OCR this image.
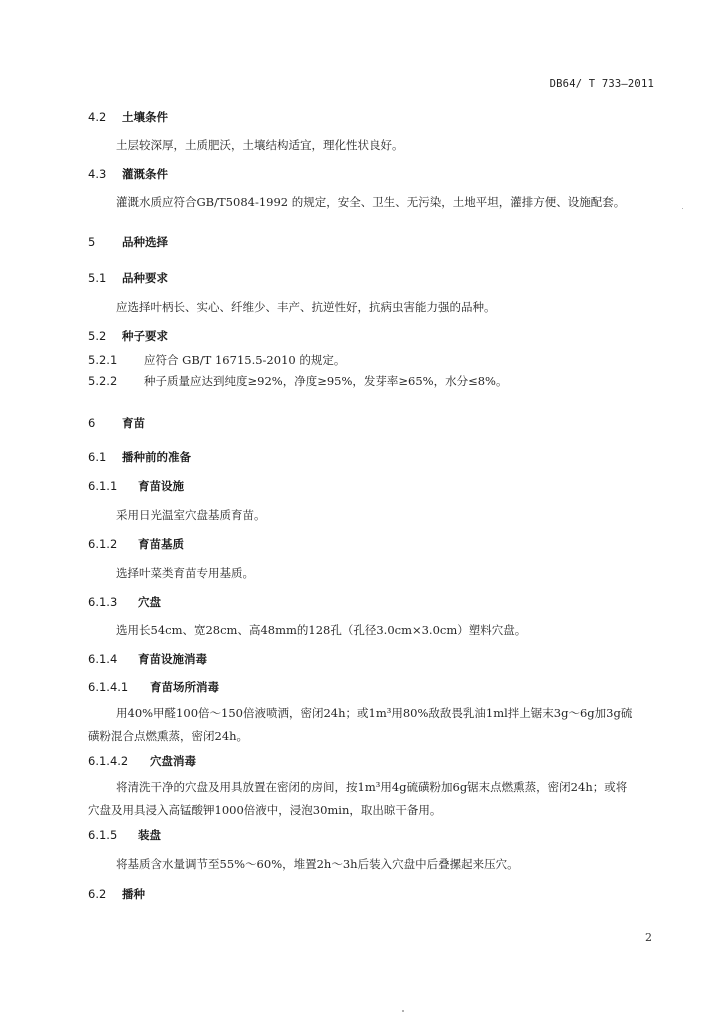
DB64/ T 733—2011
4.2 土壤条件
土层较深厚，土质肥沃，土壤结构适宜，理化性状良好。
4.3 灌溉条件
灌溉水质应符合GB/T5084-1992 的规定，安全、卫生、无污染，土地平坦，灌排方便、设施配套。
5 品种选择
5.1 品种要求
应选择叶柄长、实心、纤维少、丰产、抗逆性好，抗病虫害能力强的品种。
5.2 种子要求
5.2.1 应符合 GB/T 16715.5-2010 的规定。
5.2.2 种子质量应达到纯度≥92%，净度≥95%，发芽率≥65%，水分≤8%。
6 育苗
6.1 播种前的准备
6.1.1 育苗设施
采用日光温室穴盘基质育苗。
6.1.2 育苗基质
选择叶菜类育苗专用基质。
6.1.3 穴盘
选用长54cm、宽28cm、高48mm的128孔（孔径3.0cm×3.0cm）塑料穴盘。
6.1.4 育苗设施消毒
6.1.4.1 育苗场所消毒
用40%甲醛100倍～150倍液喷洒，密闭24h；或1m³用80%敌敌畏乳油1ml拌上锯末3g～6g加3g硫磺粉混合点燃熏蒸，密闭24h。
6.1.4.2 穴盘消毒
将清洗干净的穴盘及用具放置在密闭的房间，按1m³用4g硫磺粉加6g锯末点燃熏蒸，密闭24h；或将穴盘及用具浸入高锰酸钾1000倍液中，浸泡30min，取出晾干备用。
6.1.5 装盘
将基质含水量调节至55%～60%，堆置2h～3h后装入穴盘中后叠摞起来压穴。
6.2 播种
2
